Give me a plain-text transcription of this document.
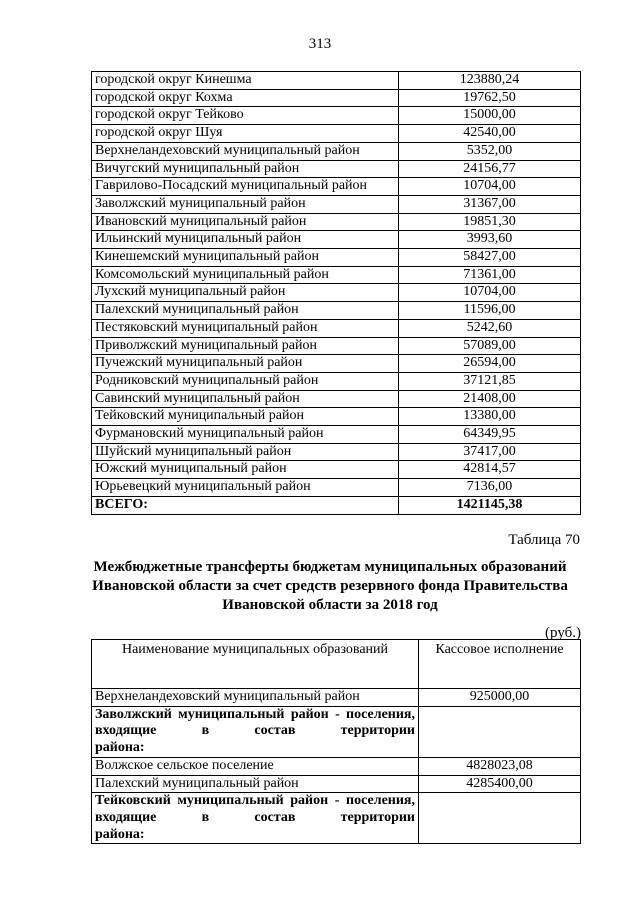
313
городской округ Кинешма	123880,24
городской округ Кохма	19762,50
городской округ Тейково	15000,00
городской округ Шуя	42540,00
Верхнеландеховский муниципальный район	5352,00
Вичугский муниципальный район	24156,77
Гаврилово-Посадский муниципальный район	10704,00
Заволжский муниципальный район	31367,00
Ивановский муниципальный район	19851,30
Ильинский муниципальный район	3993,60
Кинешемский муниципальный район	58427,00
Комсомольский муниципальный район	71361,00
Лухский муниципальный район	10704,00
Палехский муниципальный район	11596,00
Пестяковский муниципальный район	5242,60
Приволжский муниципальный район	57089,00
Пучежский муниципальный район	26594,00
Родниковский муниципальный район	37121,85
Савинский муниципальный район	21408,00
Тейковский муниципальный район	13380,00
Фурмановский муниципальный район	64349,95
Шуйский муниципальный район	37417,00
Южский муниципальный район	42814,57
Юрьевецкий муниципальный район	7136,00
ВСЕГО:	1421145,38
Таблица 70
Межбюджетные трансферты бюджетам муниципальных образований Ивановской области за счет средств резервного фонда Правительства Ивановской области за 2018 год
(руб.)
Наименование муниципальных образований	Кассовое исполнение
Верхнеландеховский муниципальный район	925000,00
Заволжский муниципальный район - поселения, входящие в состав территории
района:	

Волжское сельское поселение	4828023,08
Палехский муниципальный район	4285400,00
Тейковский муниципальный район - поселения, входящие в состав территории
района:	
